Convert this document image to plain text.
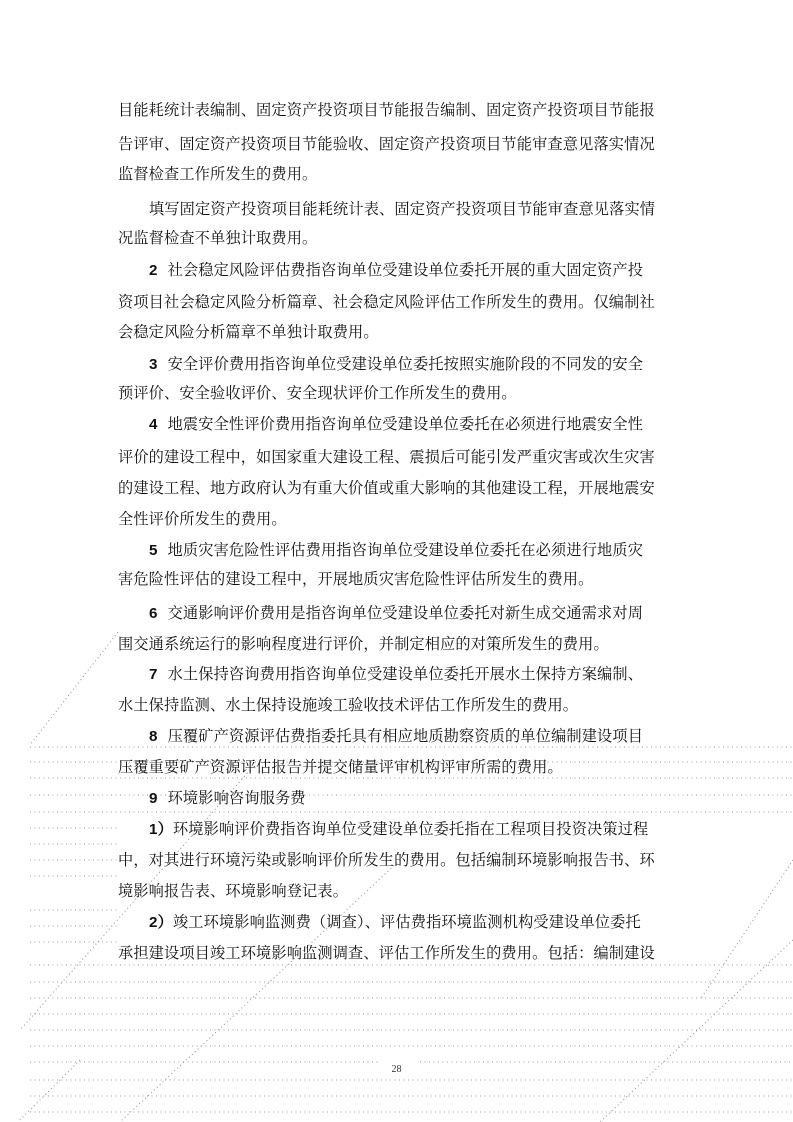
目能耗统计表编制、固定资产投资项目节能报告编制、固定资产投资项目节能报
告评审、固定资产投资项目节能验收、固定资产投资项目节能审查意见落实情况
监督检查工作所发生的费用。
填写固定资产投资项目能耗统计表、固定资产投资项目节能审查意见落实情
况监督检查不单独计取费用。
2 社会稳定风险评估费指咨询单位受建设单位委托开展的重大固定资产投
资项目社会稳定风险分析篇章、社会稳定风险评估工作所发生的费用。仅编制社
会稳定风险分析篇章不单独计取费用。
3 安全评价费用指咨询单位受建设单位委托按照实施阶段的不同发的安全
预评价、安全验收评价、安全现状评价工作所发生的费用。
4 地震安全性评价费用指咨询单位受建设单位委托在必须进行地震安全性
评价的建设工程中，如国家重大建设工程、震损后可能引发严重灾害或次生灾害
的建设工程、地方政府认为有重大价值或重大影响的其他建设工程，开展地震安
全性评价所发生的费用。
5 地质灾害危险性评估费用指咨询单位受建设单位委托在必须进行地质灾
害危险性评估的建设工程中，开展地质灾害危险性评估所发生的费用。
6 交通影响评价费用是指咨询单位受建设单位委托对新生成交通需求对周
围交通系统运行的影响程度进行评价，并制定相应的对策所发生的费用。
7 水土保持咨询费用指咨询单位受建设单位委托开展水土保持方案编制、
水土保持监测、水土保持设施竣工验收技术评估工作所发生的费用。
8 压覆矿产资源评估费指委托具有相应地质勘察资质的单位编制建设项目
压覆重要矿产资源评估报告并提交储量评审机构评审所需的费用。
9 环境影响咨询服务费
1）环境影响评价费指咨询单位受建设单位委托指在工程项目投资决策过程
中，对其进行环境污染或影响评价所发生的费用。包括编制环境影响报告书、环
境影响报告表、环境影响登记表。
2）竣工环境影响监测费（调查）、评估费指环境监测机构受建设单位委托
承担建设项目竣工环境影响监测调查、评估工作所发生的费用。包括：编制建设
28
